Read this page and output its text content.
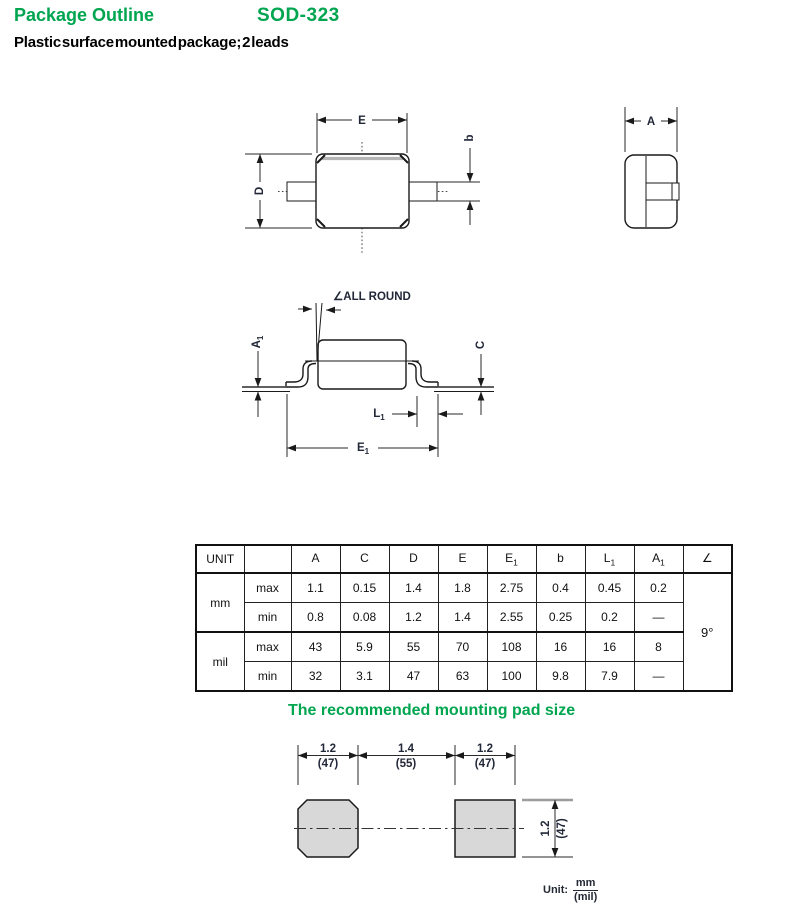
Package Outline	SOD-323
Plastic surface mounted package; 2 leads
E
D
b
A
∠ALL ROUND
$A_1$
C
$L_1$
$E_1$
UNIT		A	C	D	E	$E_1$	b	$L_1$	$A_1$	∠
mm	max	1.1	0.15	1.4	1.8	2.75	0.4	0.45	0.2	9°
	min	0.8	0.08	1.2	1.4	2.55	0.25	0.2	—	
mil	max	43	5.9	55	70	108	16	16	8	
	min	32	3.1	47	63	100	9.8	7.9	—	
The recommended mounting pad size
1.2
(47)
1.4
(55)
1.2
(47)
1.2 (47)
Unit: $\frac{mm}{\text{(mil)}}$
